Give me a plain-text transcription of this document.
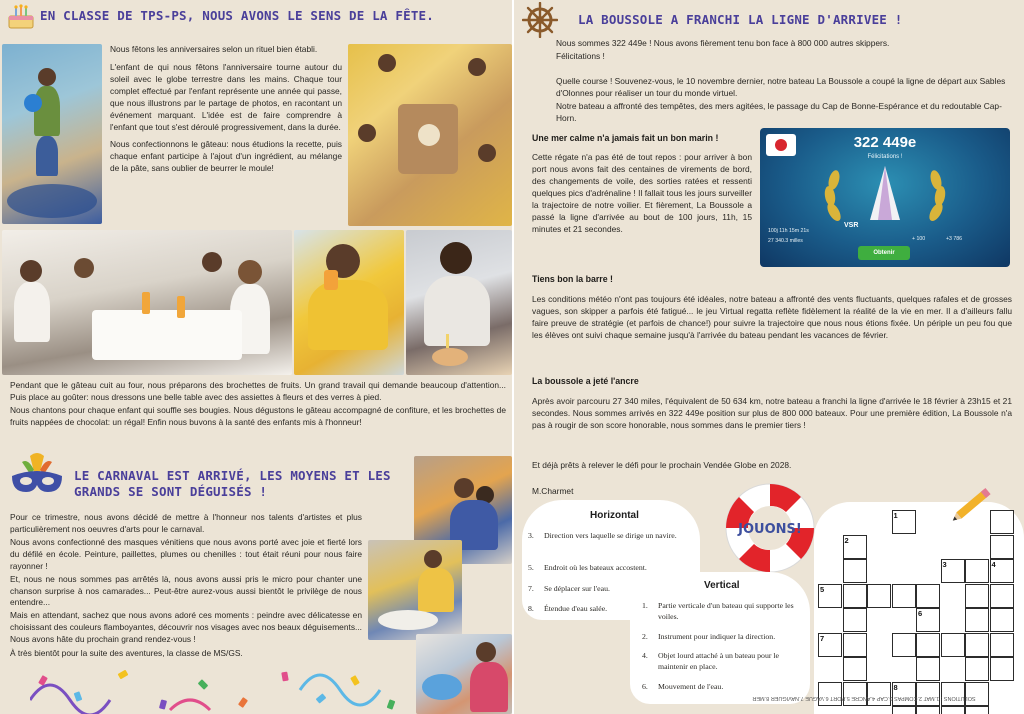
EN CLASSE DE TPS-PS, NOUS AVONS LE SENS DE LA FÊTE.

Nous fêtons les anniversaires selon un rituel bien établi.

L'enfant de qui nous fêtons l'anniversaire tourne autour du soleil avec le globe terrestre dans les mains. Chaque tour complet effectué par l'enfant représente une année qui passe, que nous illustrons par le partage de photos, en racontant un événement marquant. L'idée est de faire comprendre à l'enfant que tout s'est déroulé progressivement, dans la durée.

Nous confectionnons le gâteau: nous étudions la recette, puis chaque enfant participe à l'ajout d'un ingrédient, au mélange de la pâte, sans oublier de beurrer le moule!

Pendant que le gâteau cuit au four, nous préparons des brochettes de fruits. Un grand travail qui demande beaucoup d'attention... Puis place au goûter: nous dressons une belle table avec des assiettes à fleurs et des verres à pied.

Nous chantons pour chaque enfant qui souffle ses bougies. Nous dégustons le gâteau accompagné de confiture, et les brochettes de fruits nappées de chocolat: un régal! Enfin nous buvons à la santé des enfants mis à l'honneur!

LE CARNAVAL EST ARRIVÉ, LES MOYENS ET LES GRANDS SE SONT DÉGUISÉS !

Pour ce trimestre, nous avons décidé de mettre à l'honneur nos talents d'artistes et plus particulièrement nos oeuvres d'arts pour le carnaval.

Nous avons confectionné des masques vénitiens que nous avons porté avec joie et fierté lors du défilé en école. Peinture, paillettes, plumes ou chenilles : tout était réuni pour nous faire rayonner !

Et, nous ne nous sommes pas arrêtés là, nous avons aussi pris le micro pour chanter une chanson surprise à nos camarades... Peut-être aurez-vous aussi bientôt le privilège de nous entendre...

Mais en attendant, sachez que nous avons adoré ces moments : peindre avec délicatesse en choisissant des couleurs flamboyantes, découvrir nos visages avec nos beaux déguisements... Nous avons hâte du prochain grand rendez-vous !

À très bientôt pour la suite des aventures, la classe de MS/GS.
LA BOUSSOLE A FRANCHI LA LIGNE D'ARRIVEE !

Nous sommes 322 449e ! Nous avons fièrement tenu bon face à 800 000 autres skippers.

Félicitations !

Quelle course ! Souvenez-vous, le 10 novembre dernier, notre bateau La Boussole a coupé la ligne de départ aux Sables d'Olonnes pour réaliser un tour du monde virtuel.

Notre bateau a affronté des tempêtes, des mers agitées, le passage du Cap de Bonne-Espérance et du redoutable Cap-Horn.

Une mer calme n'a jamais fait un bon marin !
Cette régate n'a pas été de tout repos : pour arriver à bon port nous avons fait des centaines de virements de bord, des changements de voile, des sorties ratées et ressenti quelques pics d'adrénaline ! Il fallait tous les jours surveiller la trajectoire de notre voilier. Et fièrement, La Boussole a passé la ligne d'arrivée au bout de 100 jours, 11h, 15 minutes et 21 secondes.
322 449e
Félicitations !
VSR
100j 11h 15m 21s
27 340.3 milles	+ 100	+3 786
Obtenir
Tiens bon la barre !
Les conditions météo n'ont pas toujours été idéales, notre bateau a affronté des vents fluctuants, quelques rafales et de grosses vagues, son skipper a parfois été fatigué... le jeu Virtual regatta reflète fidèlement la réalité de la vie en mer. Il a d'ailleurs fallu faire preuve de stratégie (et parfois de chance!) pour suivre la trajectoire que nous nous étions fixée. Un périple un peu fou que les élèves ont suivi chaque semaine jusqu'à l'arrivée du bateau pendant les vacances de février.
La boussole a jeté l'ancre
Après avoir parcouru 27 340 miles, l'équivalent de 50 634 km, notre bateau a franchi la ligne d'arrivée le 18 février à 23h15 et 21 secondes. Nous sommes arrivés en 322 449e position sur plus de 800 000 bateaux. Pour une première édition, La Boussole n'a pas à rougir de son score honorable, nous sommes dans le premier tiers !
Et déjà prêts à relever le défi pour le prochain Vendée Globe en 2028.
M.Charmet
Horizontal
3. Direction vers laquelle se dirige un navire.
5. Endroit où les bateaux accostent.
7. Se déplacer sur l'eau.
8. Étendue d'eau salée.
JOUONS!
Vertical
1. Partie verticale d'un bateau qui supporte les voiles.
2. Instrument pour indiquer la direction.
4. Objet lourd attaché à un bateau pour le maintenir en place.
6. Mouvement de l'eau.
1
2
3	4
5
6
7
8
SOLUTIONS : 1.MAT 2.COMPAS 3.CAP 4.ANCRE 5.PORT 6.VAGUE 7.NAVIGUER 8.MER
